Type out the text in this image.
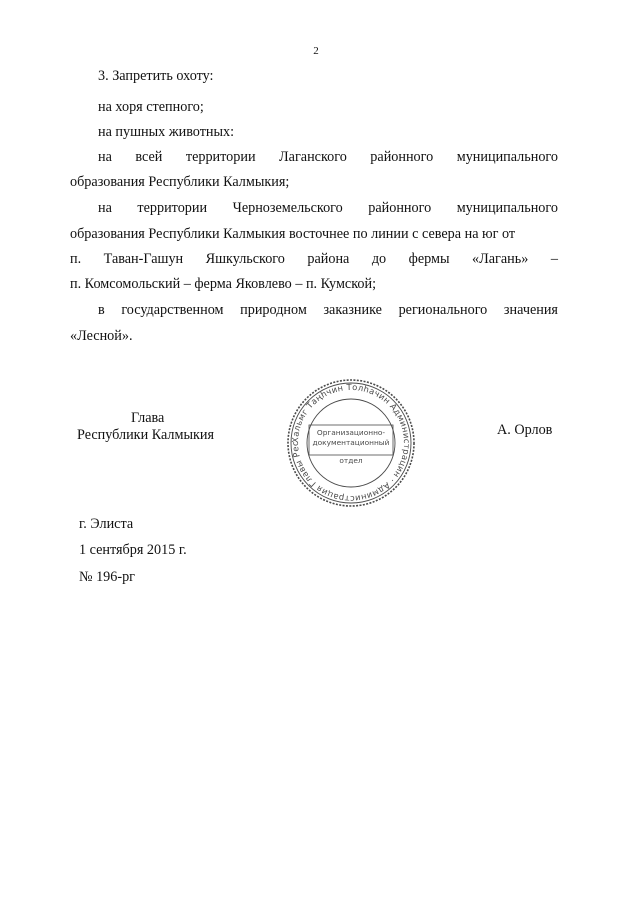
2
3. Запретить охоту:
на хоря степного;
на пушных животных:
на всей территории Лаганского районного муниципального
образования Республики Калмыкия;
на территории Черноземельского районного муниципального
образования Республики Калмыкия восточнее по линии с севера на юг от
п. Таван-Гашун Яшкульского района до фермы «Лагань» –
п. Комсомольский – ферма Яковлево – п. Кумской;
в государственном природном заказнике регионального значения
«Лесной».
Глава
Республики Калмыкия	А. Орлов
Хальмг Таңһчин Толһачин Администрацин · Администрация Главы Рес
Организационно-
документационный
отдел
г. Элиста
1 сентября 2015 г.
№ 196-рг
